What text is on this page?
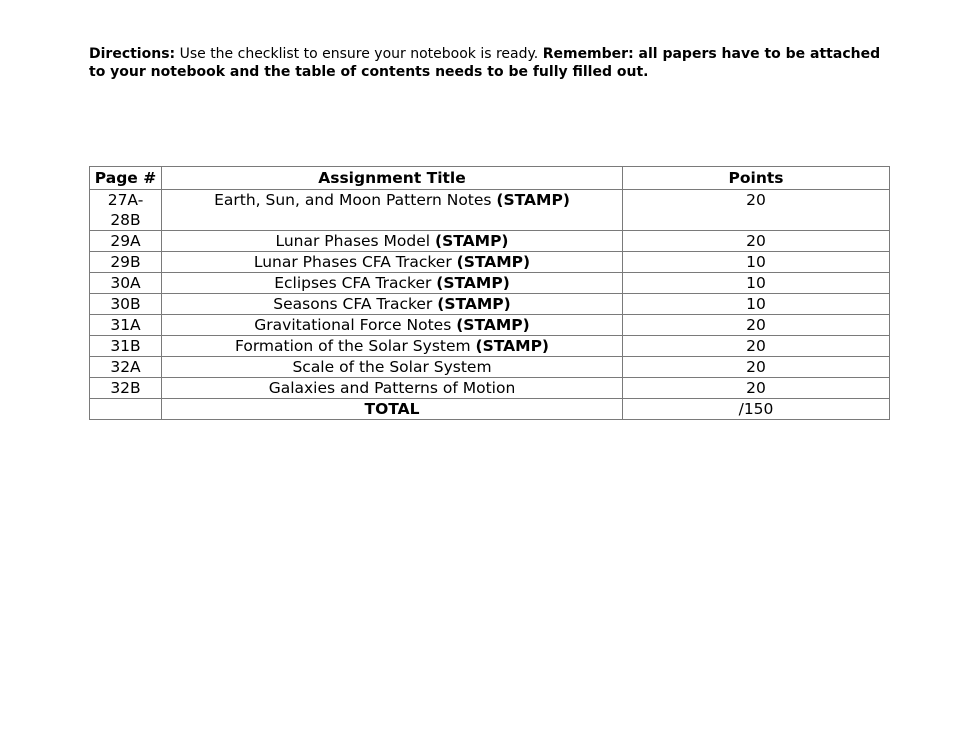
Directions: Use the checklist to ensure your notebook is ready. Remember: all papers have to be attached to your notebook and the table of contents needs to be fully filled out.
Page #	Assignment Title	Points
27A-28B	Earth, Sun, and Moon Pattern Notes (STAMP)	20
29A	Lunar Phases Model (STAMP)	20
29B	Lunar Phases CFA Tracker (STAMP)	10
30A	Eclipses CFA Tracker (STAMP)	10
30B	Seasons CFA Tracker (STAMP)	10
31A	Gravitational Force Notes (STAMP)	20
31B	Formation of the Solar System (STAMP)	20
32A	Scale of the Solar System	20
32B	Galaxies and Patterns of Motion	20
	TOTAL	/150
